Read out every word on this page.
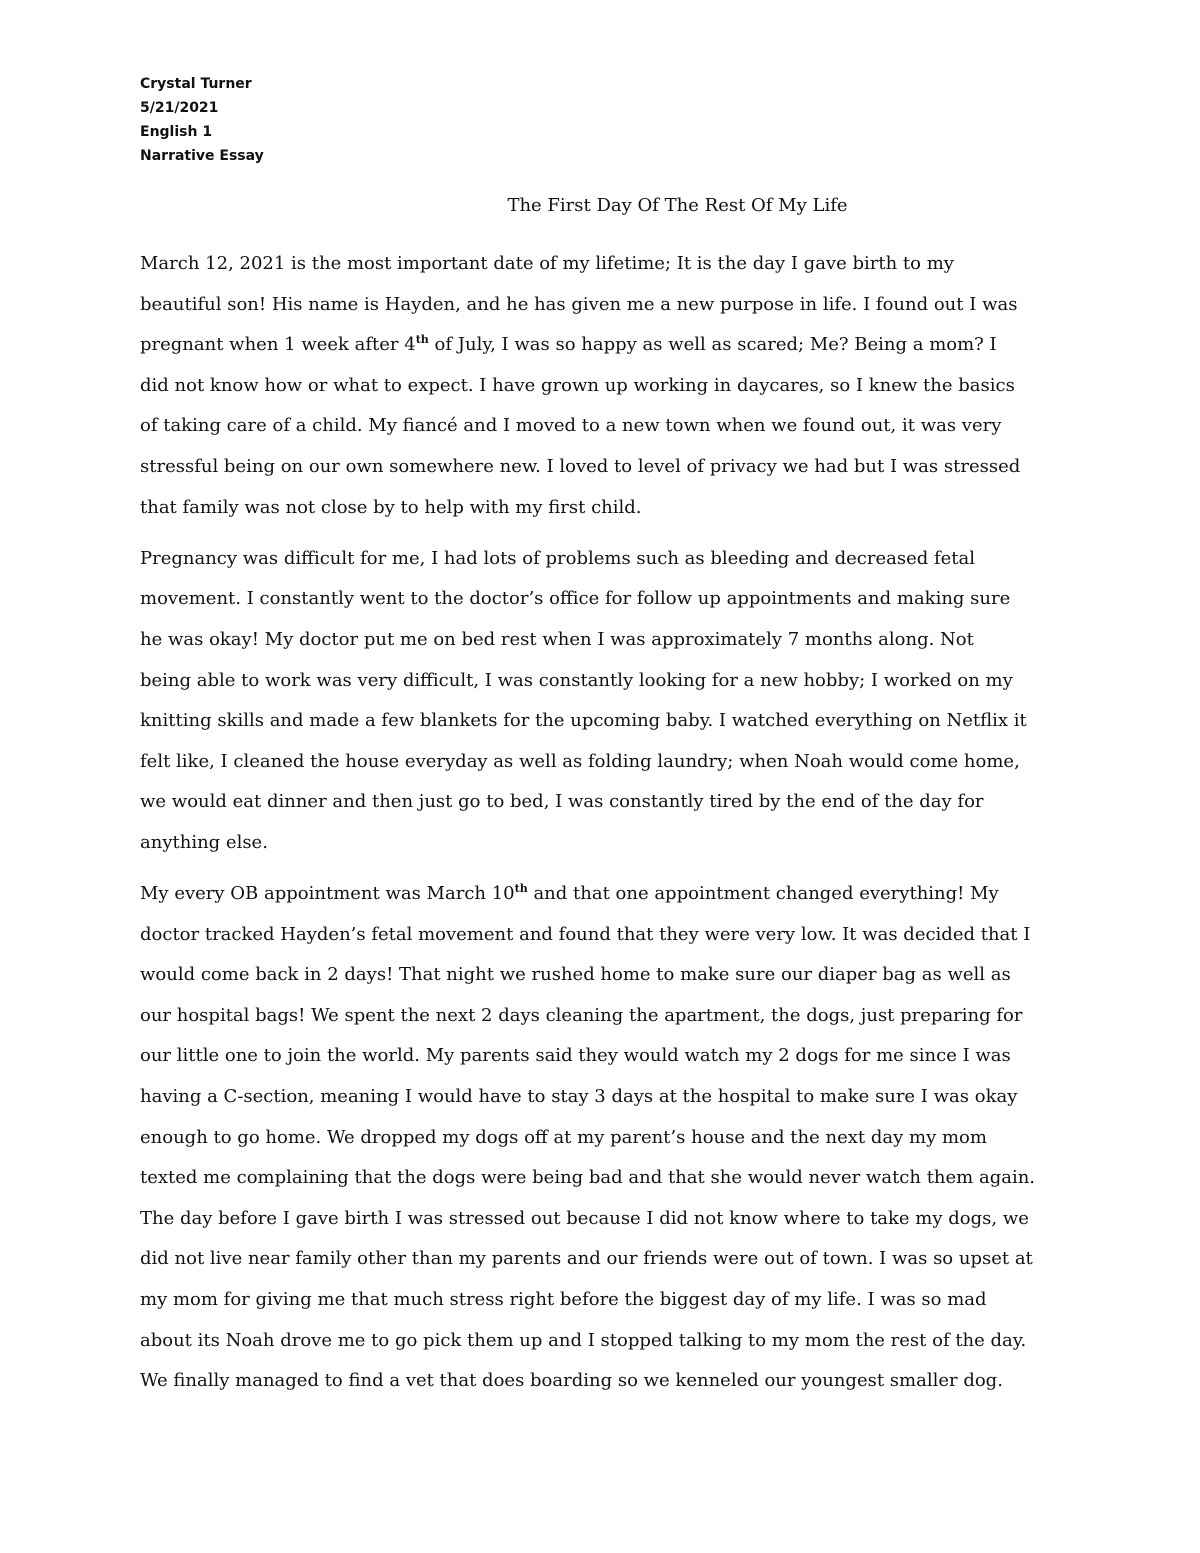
Crystal Turner
5/21/2021
English 1
Narrative Essay
The First Day Of The Rest Of My Life
March 12, 2021 is the most important date of my lifetime; It is the day I gave birth to my
beautiful son! His name is Hayden, and he has given me a new purpose in life. I found out I was
pregnant when 1 week after 4th of July, I was so happy as well as scared; Me? Being a mom? I
did not know how or what to expect. I have grown up working in daycares, so I knew the basics
of taking care of a child. My fiancé and I moved to a new town when we found out, it was very
stressful being on our own somewhere new. I loved to level of privacy we had but I was stressed
that family was not close by to help with my first child.
Pregnancy was difficult for me, I had lots of problems such as bleeding and decreased fetal
movement. I constantly went to the doctor’s office for follow up appointments and making sure
he was okay! My doctor put me on bed rest when I was approximately 7 months along. Not
being able to work was very difficult, I was constantly looking for a new hobby; I worked on my
knitting skills and made a few blankets for the upcoming baby. I watched everything on Netflix it
felt like, I cleaned the house everyday as well as folding laundry; when Noah would come home,
we would eat dinner and then just go to bed, I was constantly tired by the end of the day for
anything else.
My every OB appointment was March 10th and that one appointment changed everything! My
doctor tracked Hayden’s fetal movement and found that they were very low. It was decided that I
would come back in 2 days! That night we rushed home to make sure our diaper bag as well as
our hospital bags! We spent the next 2 days cleaning the apartment, the dogs, just preparing for
our little one to join the world. My parents said they would watch my 2 dogs for me since I was
having a C-section, meaning I would have to stay 3 days at the hospital to make sure I was okay
enough to go home. We dropped my dogs off at my parent’s house and the next day my mom
texted me complaining that the dogs were being bad and that she would never watch them again.
The day before I gave birth I was stressed out because I did not know where to take my dogs, we
did not live near family other than my parents and our friends were out of town. I was so upset at
my mom for giving me that much stress right before the biggest day of my life. I was so mad
about its Noah drove me to go pick them up and I stopped talking to my mom the rest of the day.
We finally managed to find a vet that does boarding so we kenneled our youngest smaller dog.
